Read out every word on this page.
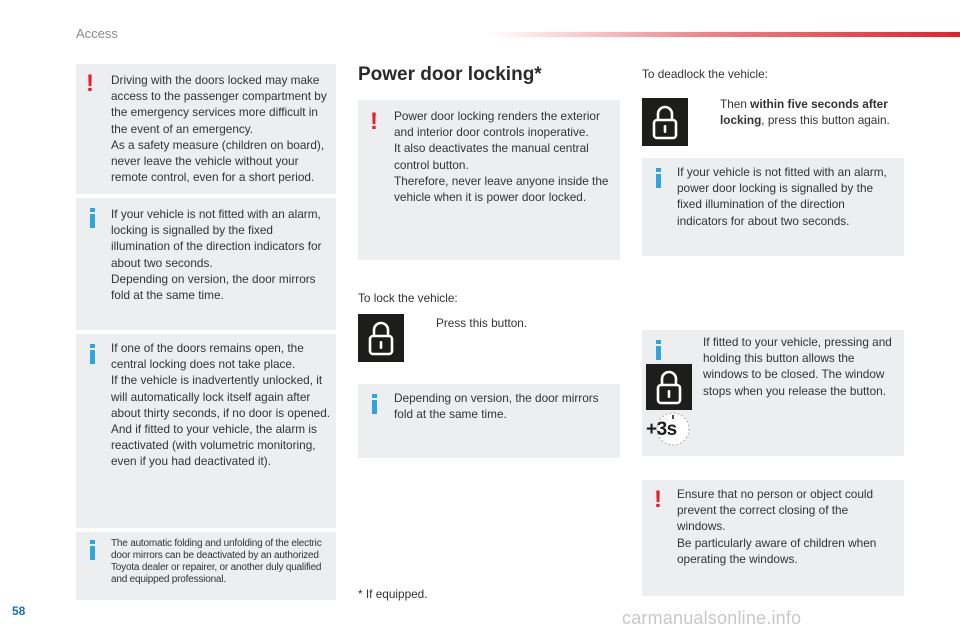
Access
! Driving with the doors locked may make access to the passenger compartment by the emergency services more difficult in the event of an emergency.
As a safety measure (children on board), never leave the vehicle without your remote control, even for a short period.
If your vehicle is not fitted with an alarm, locking is signalled by the fixed illumination of the direction indicators for about two seconds.
Depending on version, the door mirrors fold at the same time.
If one of the doors remains open, the central locking does not take place.
If the vehicle is inadvertently unlocked, it will automatically lock itself again after about thirty seconds, if no door is opened.
And if fitted to your vehicle, the alarm is reactivated (with volumetric monitoring, even if you had deactivated it).
The automatic folding and unfolding of the electric door mirrors can be deactivated by an authorized Toyota dealer or repairer, or another duly qualified and equipped professional.
Power door locking*
! Power door locking renders the exterior and interior door controls inoperative.
It also deactivates the manual central control button.
Therefore, never leave anyone inside the vehicle when it is power door locked.
To lock the vehicle:
Press this button.
Depending on version, the door mirrors fold at the same time.
* If equipped.
To deadlock the vehicle:
Then within five seconds after locking, press this button again.
If your vehicle is not fitted with an alarm, power door locking is signalled by the fixed illumination of the direction indicators for about two seconds.
If fitted to your vehicle, pressing and holding this button allows the windows to be closed. The window stops when you release the button.
+3s
! Ensure that no person or object could prevent the correct closing of the windows.
Be particularly aware of children when operating the windows.
58	carmanualsonline.info
